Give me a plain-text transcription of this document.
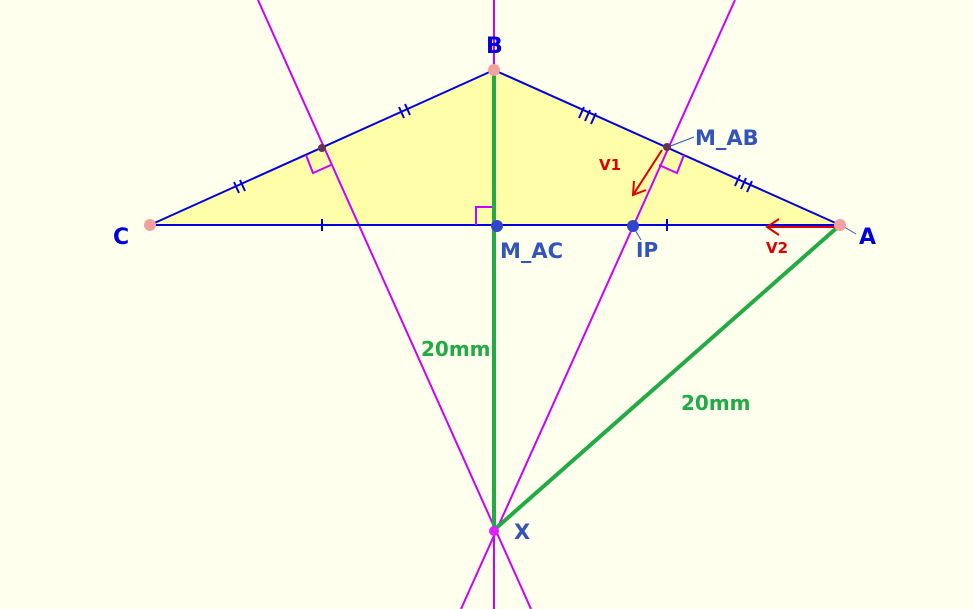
B
C	A
M_AC
M_AB
IP
X
V1
V2
20mm
20mm
